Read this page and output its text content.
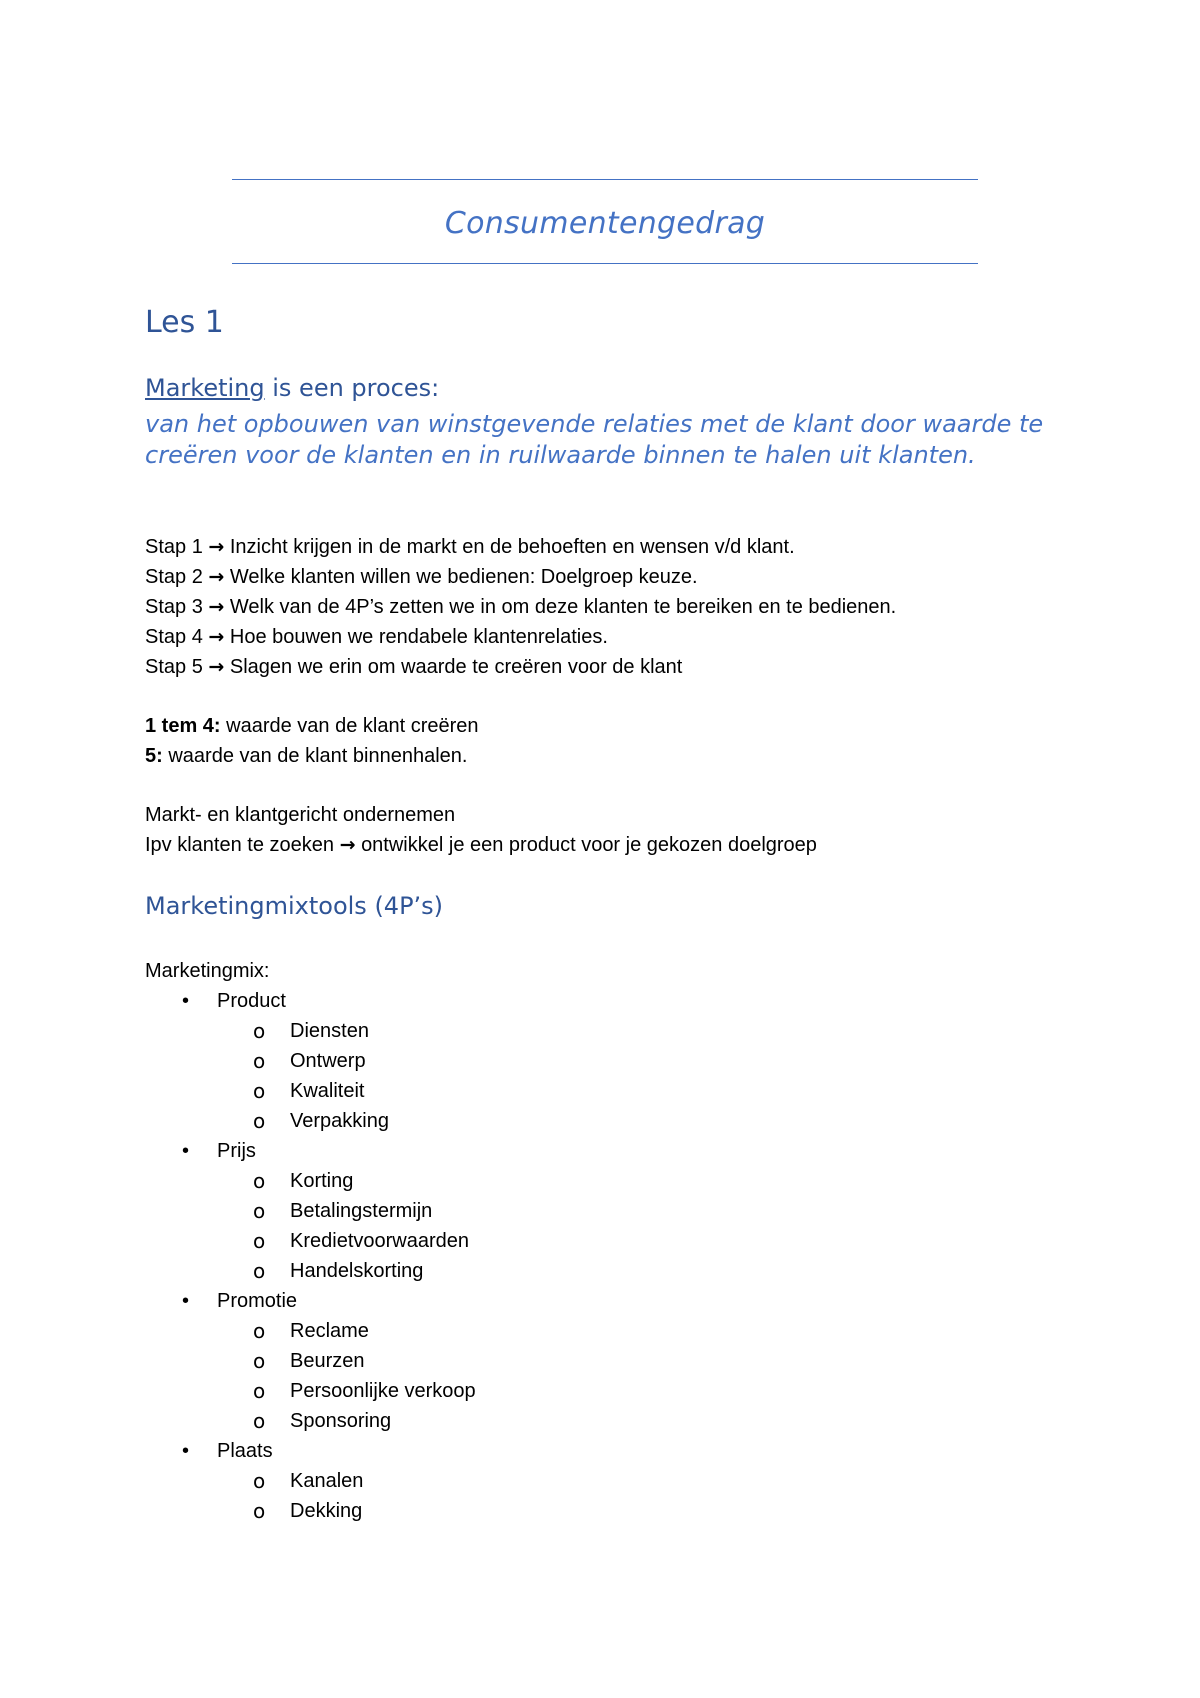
Consumentengedrag
Les 1
Marketing is een proces:
van het opbouwen van winstgevende relaties met de klant door waarde te creëren voor de klanten en in ruilwaarde binnen te halen uit klanten.

Stap 1 → Inzicht krijgen in de markt en de behoeften en wensen v/d klant.

Stap 2 → Welke klanten willen we bedienen: Doelgroep keuze.

Stap 3 → Welk van de 4P’s zetten we in om deze klanten te bereiken en te bedienen.

Stap 4 → Hoe bouwen we rendabele klantenrelaties.

Stap 5 → Slagen we erin om waarde te creëren voor de klant

1 tem 4: waarde van de klant creëren

5: waarde van de klant binnenhalen.

Markt- en klantgericht ondernemen

Ipv klanten te zoeken → ontwikkel je een product voor je gekozen doelgroep

Marketingmixtools (4P’s)

Marketingmix:

• Product
o Diensten
o Ontwerp
o Kwaliteit
o Verpakking
• Prijs
o Korting
o Betalingstermijn
o Kredietvoorwaarden
o Handelskorting
• Promotie
o Reclame
o Beurzen
o Persoonlijke verkoop
o Sponsoring
• Plaats
o Kanalen
o Dekking
